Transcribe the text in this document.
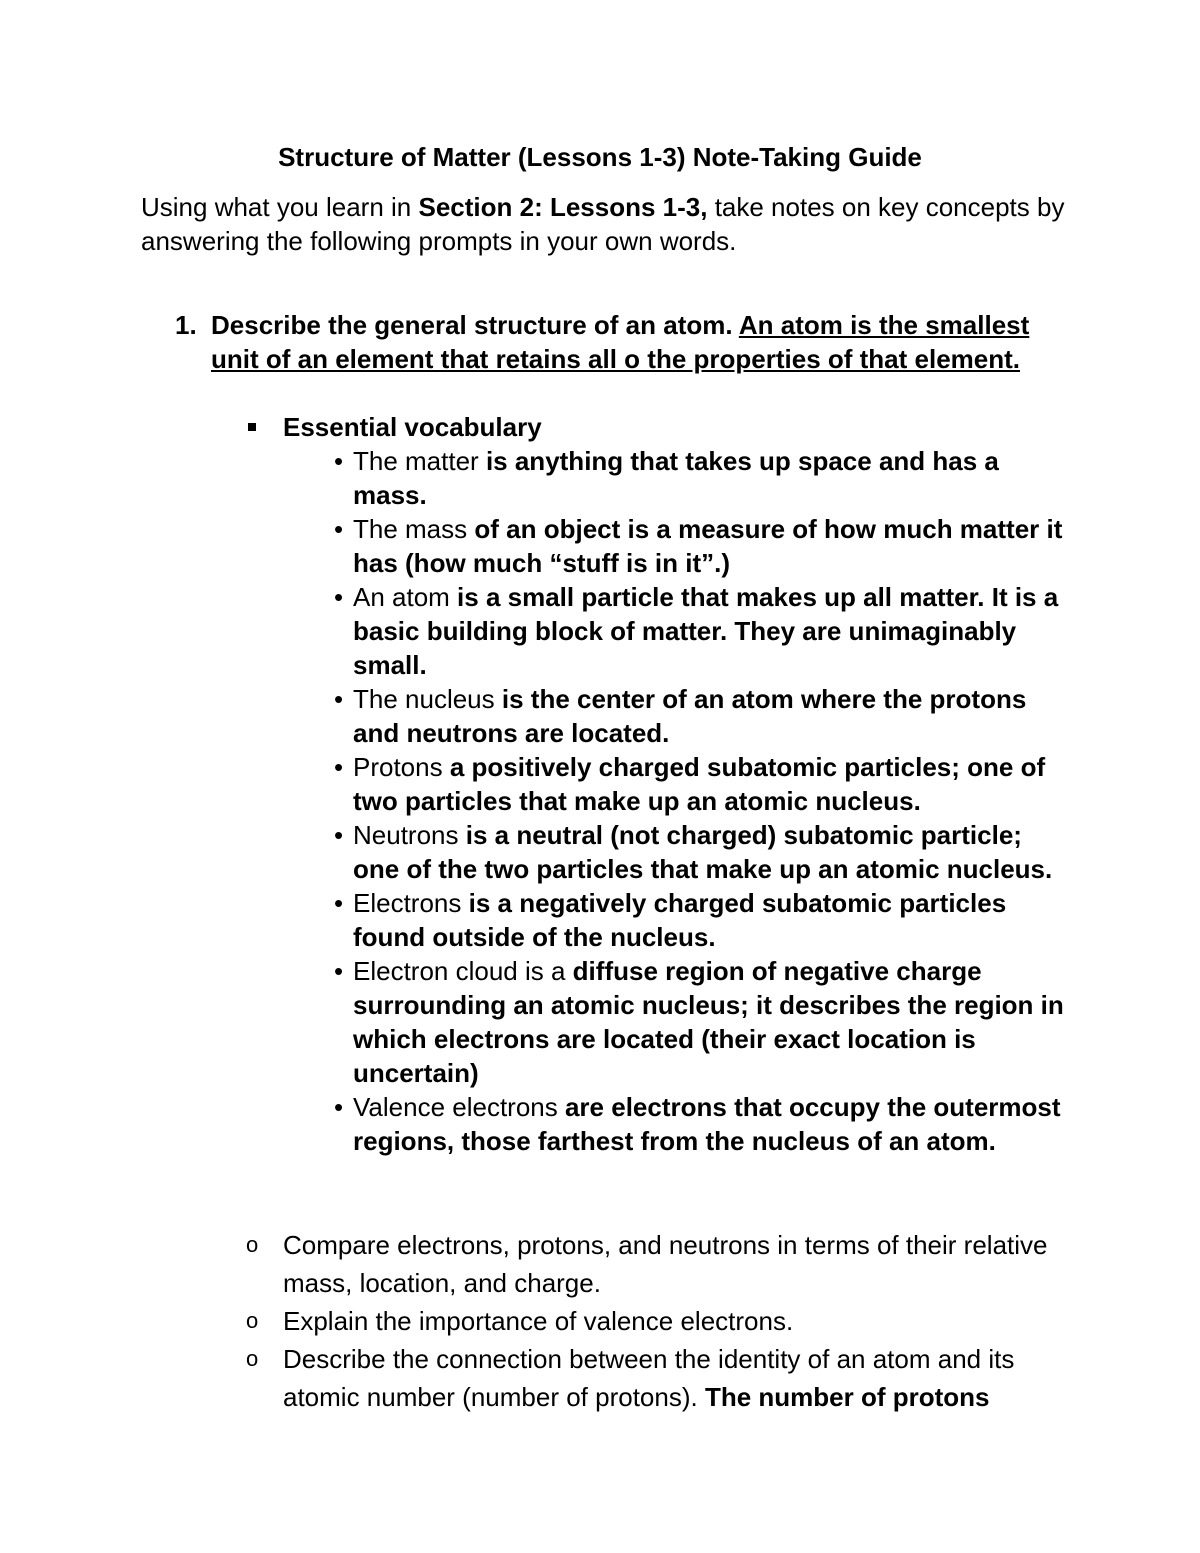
Structure of Matter (Lessons 1-3) Note-Taking Guide
Using what you learn in Section 2: Lessons 1-3, take notes on key concepts by answering the following prompts in your own words.
1. Describe the general structure of an atom. An atom is the smallest unit of an element that retains all o the properties of that element.
Essential vocabulary
• The matter is anything that takes up space and has a mass.
• The mass of an object is a measure of how much matter it has (how much “stuff is in it”.)
• An atom is a small particle that makes up all matter. It is a basic building block of matter. They are unimaginably small.
• The nucleus is the center of an atom where the protons and neutrons are located.
• Protons a positively charged subatomic particles; one of two particles that make up an atomic nucleus.
• Neutrons is a neutral (not charged) subatomic particle; one of the two particles that make up an atomic nucleus.
• Electrons is a negatively charged subatomic particles found outside of the nucleus.
• Electron cloud is a diffuse region of negative charge surrounding an atomic nucleus; it describes the region in which electrons are located (their exact location is uncertain)
• Valence electrons are electrons that occupy the outermost regions, those farthest from the nucleus of an atom.
o Compare electrons, protons, and neutrons in terms of their relative mass, location, and charge.
o Explain the importance of valence electrons.
o Describe the connection between the identity of an atom and its atomic number (number of protons). The number of protons
